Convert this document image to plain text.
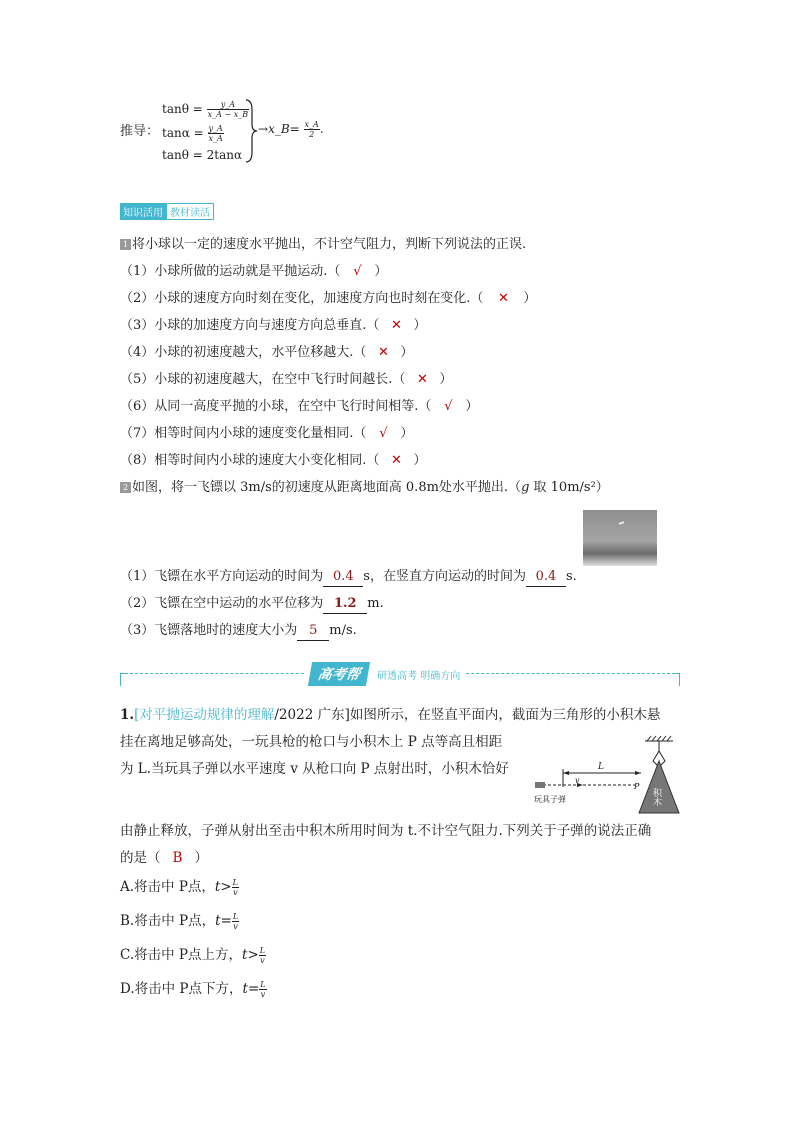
推导：
$\tan\theta = \frac{y\_A}{x\_A - x\_B}$
$\tan\alpha = \frac{y\_A}{x\_A}$
tanθ = 2tanα
→x_B= $\frac{x\_A}{2}$ .
知识活用 教材读活
1 将小球以一定的速度水平抛出，不计空气阻力，判断下列说法的正误.
（1）小球所做的运动就是平抛运动.（ √ ）
（2）小球的速度方向时刻在变化，加速度方向也时刻在变化.（ ✕ ）
（3）小球的加速度方向与速度方向总垂直.（ ✕ ）
（4）小球的初速度越大，水平位移越大.（ ✕ ）
（5）小球的初速度越大，在空中飞行时间越长.（ ✕ ）
（6）从同一高度平抛的小球，在空中飞行时间相等.（ √ ）
（7）相等时间内小球的速度变化量相同.（ √ ）
（8）相等时间内小球的速度大小变化相同.（ ✕ ）
2 如图，将一飞镖以 3m/s的初速度从距离地面高 0.8m处水平抛出.（g 取 10m/s²）
（1）飞镖在水平方向运动的时间为 0.4 s，在竖直方向运动的时间为 0.4 s.
（2）飞镖在空中运动的水平位移为 1.2 m.
（3）飞镖落地时的速度大小为 5 m/s.
高考帮 研透高考 明确方向
1.[对平抛运动规律的理解/2022 广东]如图所示，在竖直平面内，截面为三角形的小积木悬
挂在离地足够高处，一玩具枪的枪口与小积木上 P 点等高且相距
为 L.当玩具子弹以水平速度 v 从枪口向 P 点射出时，小积木恰好	L
v
P
积木
玩具子弹
由静止释放，子弹从射出至击中积木所用时间为 t.不计空气阻力.下列关于子弹的说法正确
的是（ B ）
A.将击中 P点，$t> \frac{L}{v}$
B.将击中 P点，$t= \frac{L}{v}$
C.将击中 P点上方，$t> \frac{L}{v}$
D.将击中 P点下方，$t= \frac{L}{v}$
